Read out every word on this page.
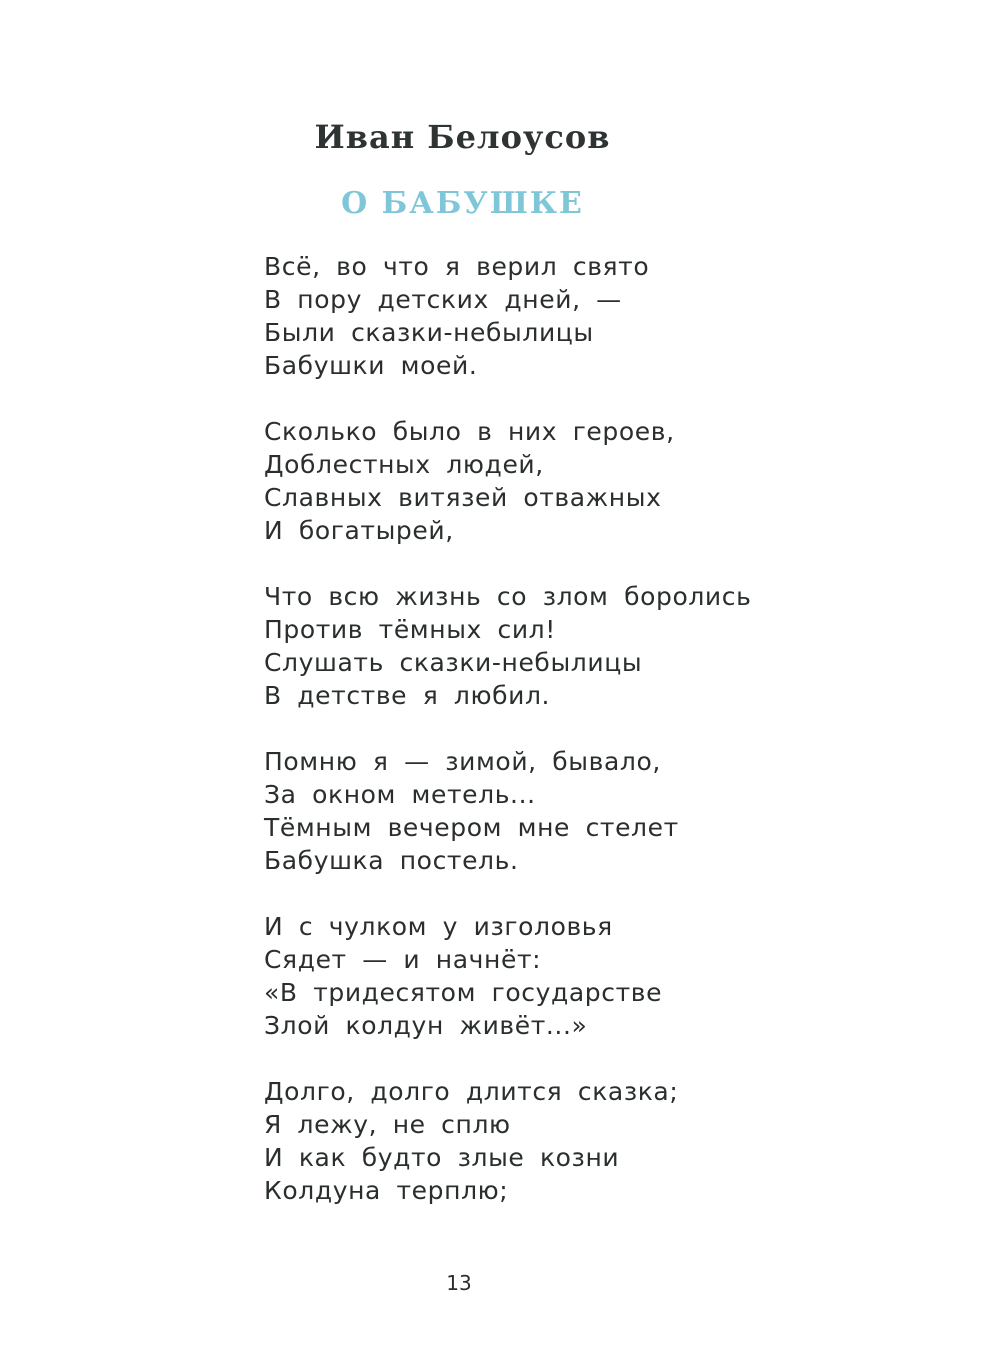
Иван Белоусов
О БАБУШКЕ
Всё, во что я верил свято
В пору детских дней, —
Были сказки-небылицы
Бабушки моей.
Сколько было в них героев,
Доблестных людей,
Славных витязей отважных
И богатырей,
Что всю жизнь со злом боролись
Против тёмных сил!
Слушать сказки-небылицы
В детстве я любил.
Помню я — зимой, бывало,
За окном метель...
Тёмным вечером мне стелет
Бабушка постель.
И с чулком у изголовья
Сядет — и начнёт:
«В тридесятом государстве
Злой колдун живёт...»
Долго, долго длится сказка;
Я лежу, не сплю
И как будто злые козни
Колдуна терплю;
13
